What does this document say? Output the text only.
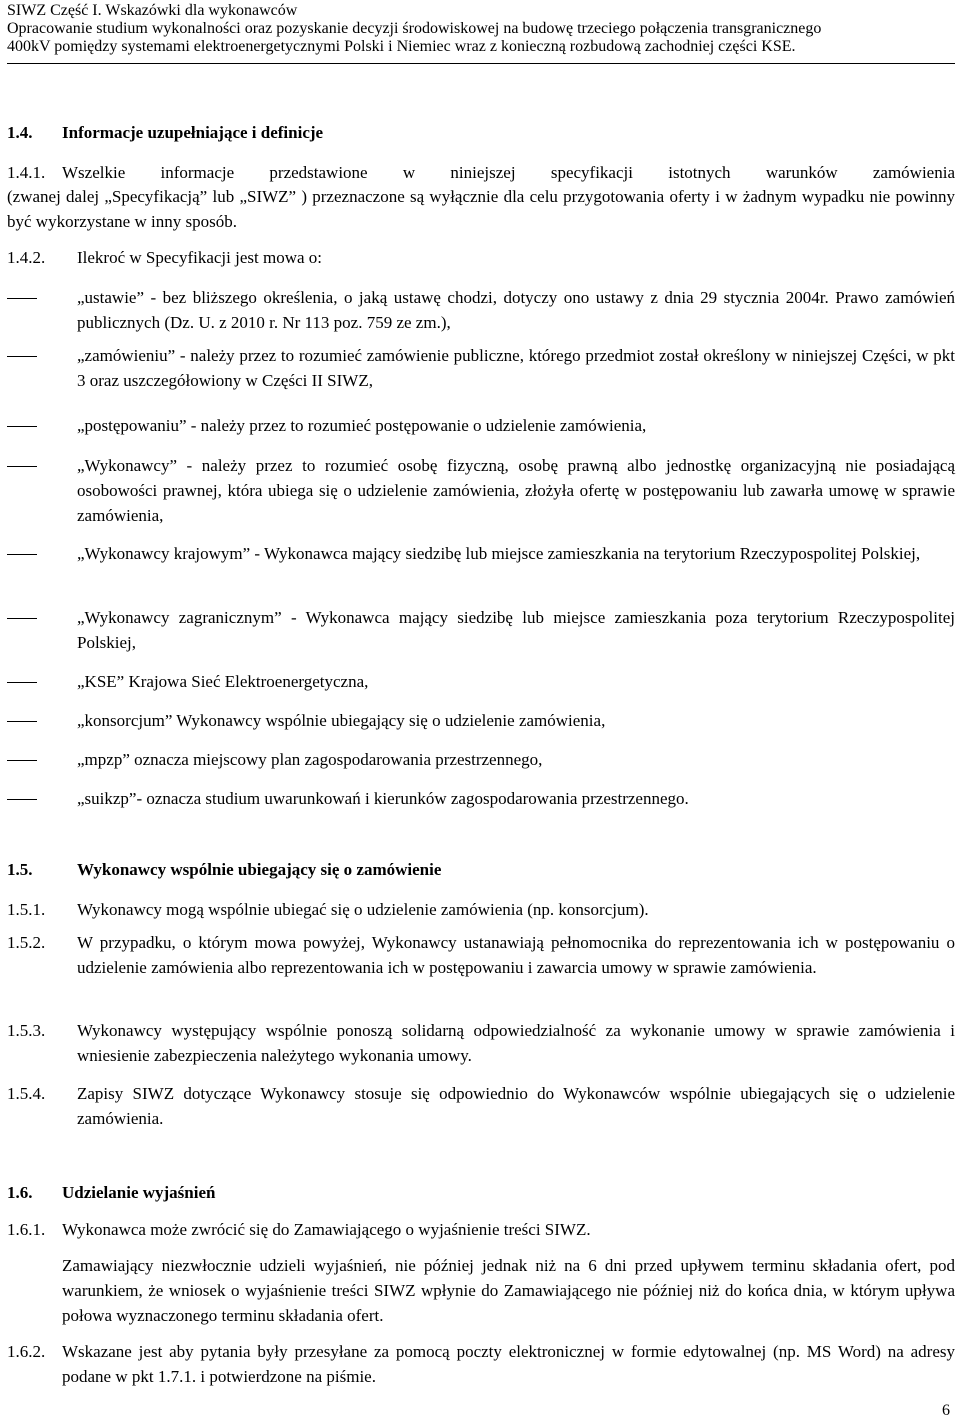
SIWZ Część I. Wskazówki dla wykonawców
Opracowanie studium wykonalności oraz pozyskanie decyzji środowiskowej na budowę trzeciego połączenia transgranicznego
400kV pomiędzy systemami elektroenergetycznymi Polski i Niemiec wraz z konieczną rozbudową zachodniej części KSE.
1.4. Informacje uzupełniające i definicje
1.4.1. Wszelkie informacje przedstawione w niniejszej specyfikacji istotnych warunków zamówienia
(zwanej dalej „Specyfikacją” lub „SIWZ” ) przeznaczone są wyłącznie dla celu przygotowania oferty i w żadnym wypadku nie powinny być wykorzystane w inny sposób.
1.4.2. Ilekroć w Specyfikacji jest mowa o:
„ustawie” - bez bliższego określenia, o jaką ustawę chodzi, dotyczy ono ustawy z dnia 29 stycznia 2004r. Prawo zamówień publicznych (Dz. U. z 2010 r. Nr 113 poz. 759 ze zm.),
„zamówieniu” - należy przez to rozumieć zamówienie publiczne, którego przedmiot został określony w niniejszej Części, w pkt 3 oraz uszczegółowiony w Części II SIWZ,
„postępowaniu” - należy przez to rozumieć postępowanie o udzielenie zamówienia,
„Wykonawcy” - należy przez to rozumieć osobę fizyczną, osobę prawną albo jednostkę organizacyjną nie posiadającą osobowości prawnej, która ubiega się o udzielenie zamówienia, złożyła ofertę w postępowaniu lub zawarła umowę w sprawie zamówienia,
„Wykonawcy krajowym” - Wykonawca mający siedzibę lub miejsce zamieszkania na terytorium Rzeczypospolitej Polskiej,
„Wykonawcy zagranicznym” - Wykonawca mający siedzibę lub miejsce zamieszkania poza terytorium Rzeczypospolitej Polskiej,
„KSE” Krajowa Sieć Elektroenergetyczna,
„konsorcjum” Wykonawcy wspólnie ubiegający się o udzielenie zamówienia,
„mpzp” oznacza miejscowy plan zagospodarowania przestrzennego,
„suikzp”- oznacza studium uwarunkowań i kierunków zagospodarowania przestrzennego.
1.5.	Wykonawcy wspólnie ubiegający się o zamówienie
1.5.1. Wykonawcy mogą wspólnie ubiegać się o udzielenie zamówienia (np. konsorcjum).
1.5.2. W przypadku, o którym mowa powyżej, Wykonawcy ustanawiają pełnomocnika do reprezentowania ich w postępowaniu o udzielenie zamówienia albo reprezentowania ich w postępowaniu i zawarcia umowy w sprawie zamówienia.
1.5.3. Wykonawcy występujący wspólnie ponoszą solidarną odpowiedzialność za wykonanie umowy w sprawie zamówienia i wniesienie zabezpieczenia należytego wykonania umowy.
1.5.4. Zapisy SIWZ dotyczące Wykonawcy stosuje się odpowiednio do Wykonawców wspólnie ubiegających się o udzielenie zamówienia.
1.6. Udzielanie wyjaśnień
1.6.1. Wykonawca może zwrócić się do Zamawiającego o wyjaśnienie treści SIWZ.
Zamawiający niezwłocznie udzieli wyjaśnień, nie później jednak niż na 6 dni przed upływem terminu składania ofert, pod warunkiem, że wniosek o wyjaśnienie treści SIWZ wpłynie do Zamawiającego nie później niż do końca dnia, w którym upływa połowa wyznaczonego terminu składania ofert.
1.6.2. Wskazane jest aby pytania były przesyłane za pomocą poczty elektronicznej w formie edytowalnej (np. MS Word) na adresy podane w pkt 1.7.1. i potwierdzone na piśmie.
6
